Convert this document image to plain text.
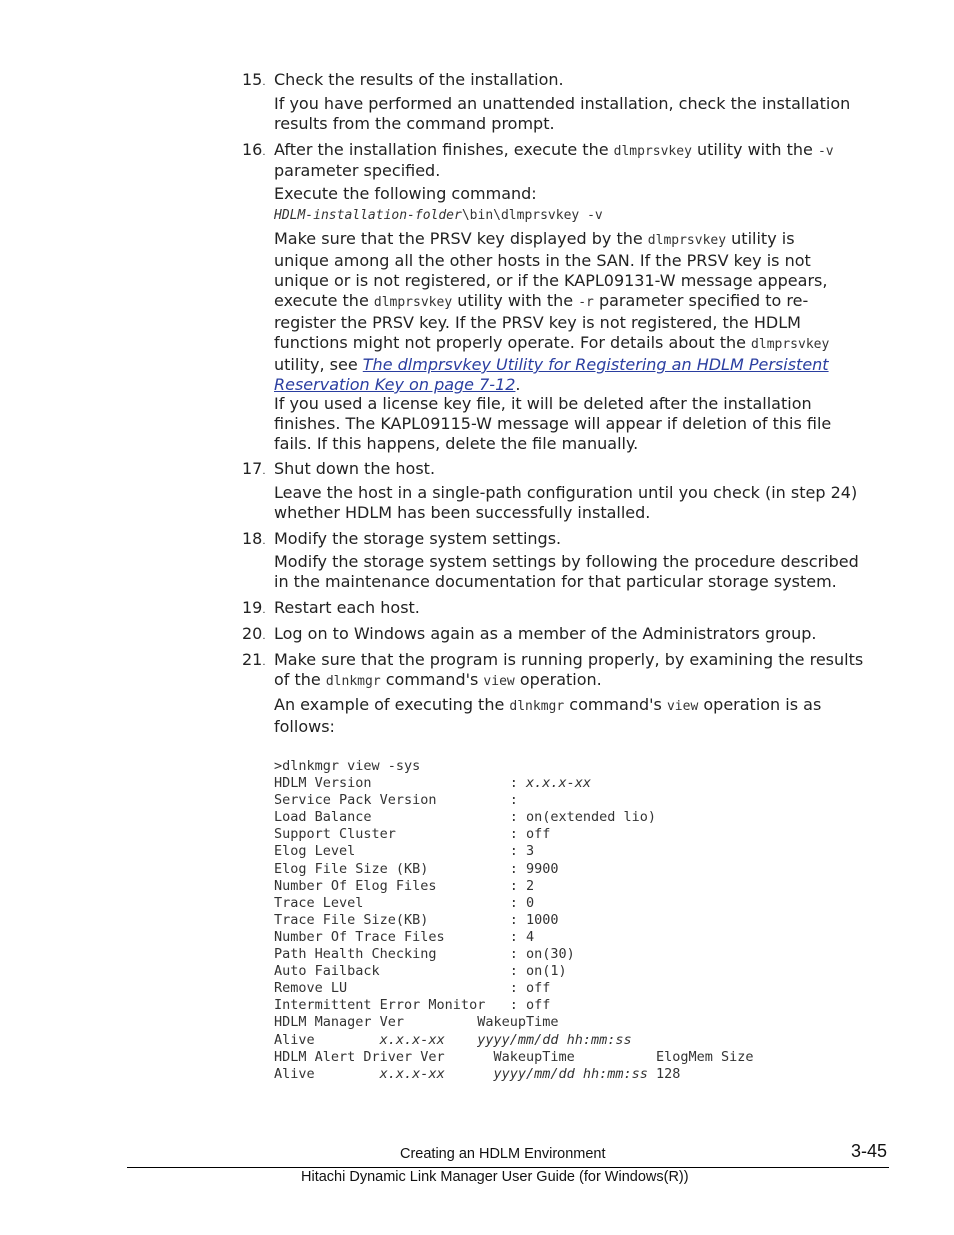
15. Check the results of the installation.
If you have performed an unattended installation, check the installation results from the command prompt.
16. After the installation finishes, execute the dlmprsvkey utility with the -v
parameter specified.
Execute the following command:
HDLM-installation-folder\bin\dlmprsvkey -v
Make sure that the PRSV key displayed by the dlmprsvkey utility is
unique among all the other hosts in the SAN. If the PRSV key is not
unique or is not registered, or if the KAPL09131-W message appears,
execute the dlmprsvkey utility with the -r parameter specified to re-
register the PRSV key. If the PRSV key is not registered, the HDLM
functions might not properly operate. For details about the dlmprsvkey
utility, see The dlmprsvkey Utility for Registering an HDLM Persistent
Reservation Key on page 7-12.
If you used a license key file, it will be deleted after the installation
finishes. The KAPL09115-W message will appear if deletion of this file
fails. If this happens, delete the file manually.
17. Shut down the host.
Leave the host in a single-path configuration until you check (in step 24)
whether HDLM has been successfully installed.
18. Modify the storage system settings.
Modify the storage system settings by following the procedure described
in the maintenance documentation for that particular storage system.
19. Restart each host.
20. Log on to Windows again as a member of the Administrators group.
21. Make sure that the program is running properly, by examining the results
of the dlnkmgr command's view operation.
An example of executing the dlnkmgr command's view operation is as
follows:
>dlnkmgr view -sys
HDLM Version                 : x.x.x-xx
Service Pack Version         :
Load Balance                 : on(extended lio)
Support Cluster              : off
Elog Level                   : 3
Elog File Size (KB)          : 9900
Number Of Elog Files         : 2
Trace Level                  : 0
Trace File Size(KB)          : 1000
Number Of Trace Files        : 4
Path Health Checking         : on(30)
Auto Failback                : on(1)
Remove LU                    : off
Intermittent Error Monitor   : off
HDLM Manager Ver         WakeupTime
Alive        x.x.x-xx yyyy/mm/dd hh:mm:ss
HDLM Alert Driver Ver      WakeupTime          ElogMem Size
Alive        x.x.x-xx	yyyy/mm/dd hh:mm:ss 128
Creating an HDLM Environment	3-45
Hitachi Dynamic Link Manager User Guide (for Windows(R))
